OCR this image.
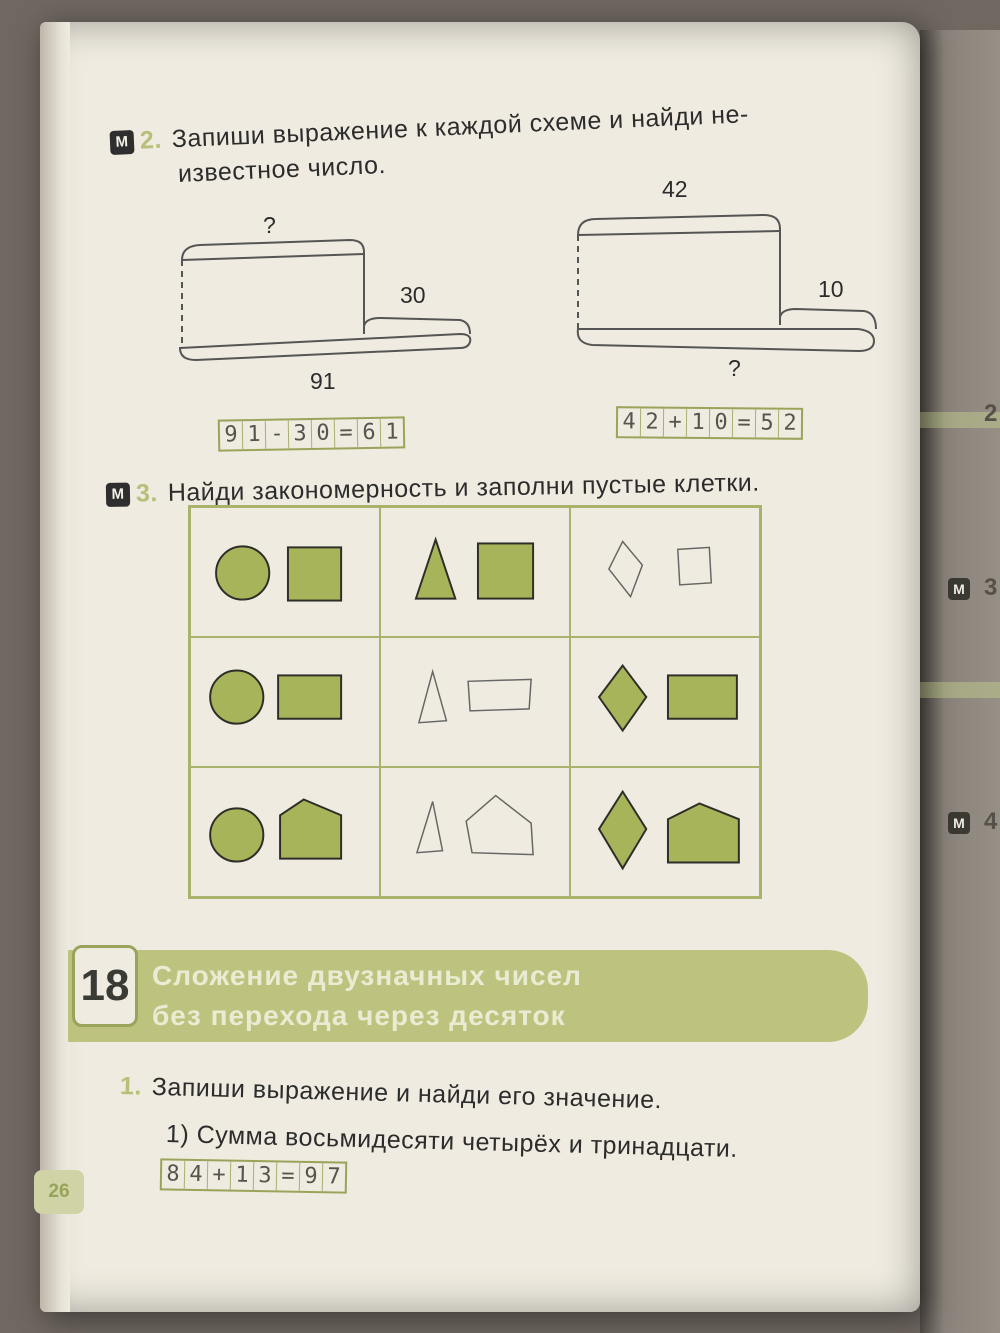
2
М 3
М 4
М 2. Запиши выражение к каждой схеме и найди не-
известное число.
?
30
91
9 1 - 3 0 = 6 1
42
10
?
4 2 + 1 0 = 5 2
М 3. Найди закономерность и заполни пустые клетки.
18 Сложение двузначных чисел
без перехода через десяток
1. Запиши выражение и найди его значение.
1) Сумма восьмидесяти четырёх и тринадцати.
8 4 + 1 3 = 9 7
26
